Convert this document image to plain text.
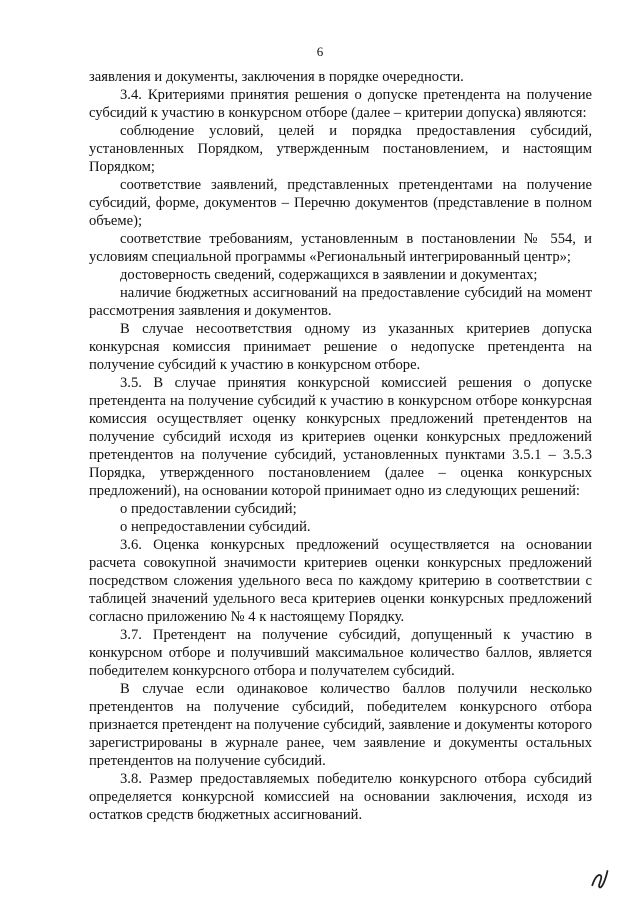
6

заявления и документы, заключения в порядке очередности.

3.4. Критериями принятия решения о допуске претендента на получение субсидий к участию в конкурсном отборе (далее – критерии допуска) являются:

соблюдение условий, целей и порядка предоставления субсидий, установленных Порядком, утвержденным постановлением, и настоящим Порядком;

соответствие заявлений, представленных претендентами на получение субсидий, форме, документов – Перечню документов (представление в полном объеме);

соответствие требованиям, установленным в постановлении № 554, и условиям специальной программы «Региональный интегрированный центр»;

достоверность сведений, содержащихся в заявлении и документах;

наличие бюджетных ассигнований на предоставление субсидий на момент рассмотрения заявления и документов.

В случае несоответствия одному из указанных критериев допуска конкурсная комиссия принимает решение о недопуске претендента на получение субсидий к участию в конкурсном отборе.

3.5. В случае принятия конкурсной комиссией решения о допуске претендента на получение субсидий к участию в конкурсном отборе конкурсная комиссия осуществляет оценку конкурсных предложений претендентов на получение субсидий исходя из критериев оценки конкурсных предложений претендентов на получение субсидий, установленных пунктами 3.5.1 – 3.5.3 Порядка, утвержденного постановлением (далее – оценка конкурсных предложений), на основании которой принимает одно из следующих решений:

о предоставлении субсидий;

о непредоставлении субсидий.

3.6. Оценка конкурсных предложений осуществляется на основании расчета совокупной значимости критериев оценки конкурсных предложений посредством сложения удельного веса по каждому критерию в соответствии с таблицей значений удельного веса критериев оценки конкурсных предложений согласно приложению № 4 к настоящему Порядку.

3.7. Претендент на получение субсидий, допущенный к участию в конкурсном отборе и получивший максимальное количество баллов, является победителем конкурсного отбора и получателем субсидий.

В случае если одинаковое количество баллов получили несколько претендентов на получение субсидий, победителем конкурсного отбора признается претендент на получение субсидий, заявление и документы которого зарегистрированы в журнале ранее, чем заявление и документы остальных претендентов на получение субсидий.

3.8. Размер предоставляемых победителю конкурсного отбора субсидий определяется конкурсной комиссией на основании заключения, исходя из остатков средств бюджетных ассигнований.
